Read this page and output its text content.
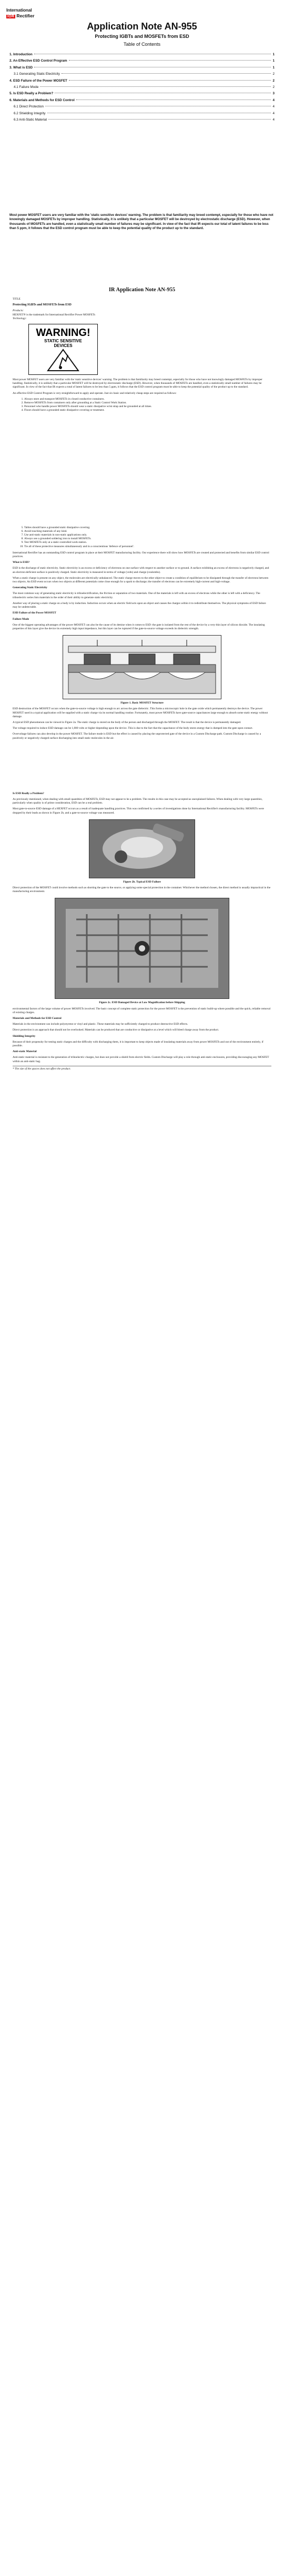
International
IOR Rectifier
Application Note AN-955
Protecting IGBTs and MOSFETs from ESD
Table of Contents
1. Introduction	1
2. An Effective ESD Control Program	1
3. What is ESD	1
3.1 Generating Static Electricity	2
4. ESD Failure of the Power MOSFET	2
4.1 Failure Mode	2
5. Is ESD Really a Problem?	3
6. Materials and Methods for ESD Control	4
6.1 Direct Protection	4
6.2 Shielding Integrity	4
6.3 Anti-Static Material	4
Most power MOSFET users are very familiar with the 'static sensitive devices' warning. The problem is that familiarity may breed contempt, especially for those who have not knowingly damaged MOSFETs by improper handling. Statistically, it is unlikely that a particular MOSFET will be destroyed by electrostatic discharge (ESD). However, when thousands of MOSFETs are handled, even a statistically small number of failures may be significant. In view of the fact that IR expects our total of latent failures to be less than 5 ppm, it follows that the ESD control program must be able to keep the potential quality of the product up to the standard.
IR Application Note AN-955

TITLE

Protecting IGBTs and MOSFETs from ESD

Products:
HEXFET® is the trademark for International Rectifier Power MOSFETs
Technology:

WARNING!
STATIC SENSITIVE
DEVICES

Most power MOSFET users are very familiar with the 'static sensitive devices' warning. The problem is that familiarity may breed contempt, especially for those who have not knowingly damaged MOSFETs by improper handling. Statistically, it is unlikely that a particular MOSFET will be destroyed by electrostatic discharge (ESD). However, when thousands of MOSFETs are handled, even a statistically small number of failures may be significant. In view of the fact that IR expects a total of latent failures to be less than 5 ppm, it follows that the ESD control program must be able to keep the potential quality of the product up to the standard.

An effective ESD Control Program is very straightforward to apply and operate. Just six basic and relatively cheap steps are required as follows:

1. Always store and transport MOSFETs in closed conductive containers.
2. Remove MOSFETs from containers only after grounding at a Static Control Work Station.
3. Personnel who handle power MOSFETs should wear a static dissipative wrist strap and be grounded at all times.
4. Floors should have a grounded static dissipative covering or treatment.
5. Tables should have a grounded static dissipative covering.
6. Avoid touching materials of any kind.
7. Use anti-static materials in non-static applications only.
8. Always use a grounded soldering iron to install MOSFETs.
9. Test MOSFETs only at a static-controlled work station.
10. Tie all of these protective measures simultaneously and in a conscientious 'defence of personnel'.

International Rectifier has an outstanding ESD control program in place at their MOSFET manufacturing facility. Our experience there will show how MOSFETs are created and protected and benefits from similar ESD control practices.

What is ESD?

ESD is the discharge of static electricity. Static electricity is an excess or deficiency of electrons on one surface with respect to another surface or to ground. A surface exhibiting an excess of electrons is negatively charged, and an electron-deficient surface is positively charged. Static electricity is measured in terms of voltage (volts) and charge (coulombs).

When a static charge is present on any object, the molecules are electrically unbalanced. The static charge moves to the other object to create a condition of equilibrium to be dissipated through the transfer of electrons between two objects. An ESD event occurs when two objects at different potentials come close enough for a spark to discharge; the transfer of electrons can be extremely high-current and high-voltage.

Generating Static Electricity

The most common way of generating static electricity is triboelectrification, the friction or separation of two materials. One of the materials is left with an excess of electrons while the other is left with a deficiency. The triboelectric series lists materials in the order of their ability to generate static electricity.

Another way of placing a static charge on a body is by induction. Induction occurs when an electric field acts upon an object and causes the charges within it to redistribute themselves. The physical symptoms of ESD failure may be undetectable.

ESD Failure of the Power MOSFET

Failure Mode

One of the biggest operating advantages of the power MOSFET can also be the cause of its demise when it comes to ESD: the gate is isolated from the rest of the device by a very thin layer of silicon dioxide. The insulating properties of this layer give the device its extremely high input impedance, but this layer can be ruptured if the gate-to-source voltage exceeds its dielectric strength.

Figure 1. Basic MOSFET Structure

ESD destruction of the MOSFET occurs when the gate-to-source voltage is high enough to arc across the gate dielectric. This forms a microscopic hole in the gate oxide which permanently destroys the device. The power MOSFET used in a typical application will be supplied with a static charge via its normal handling routine. Fortunately, most power MOSFETs have gate-source capacitances large enough to absorb some static energy without damage.

A typical ESD phenomenon can be viewed in Figure 2a. The static charge is stored on the body of the person and discharged through the MOSFET. The result is that the device is permanently damaged.

The voltage required to induce ESD damage can be 1,000 volts or higher depending upon the device. This is due to the fact that the capacitance of the body stores energy that is dumped into the gate upon contact.

Overvoltage failures can also develop in the power MOSFET. The failure mode is ESD but the effect is caused by placing the unprotected gate of the device in a Custom Discharge path. Custom Discharge is caused by a positively or negatively charged surface discharging into small static molecules in the air.

Is ESD Really a Problem?

As previously mentioned, when dealing with small quantities of MOSFETs, ESD may not appear to be a problem. The results in this case may be accepted as unexplained failures. When dealing with very large quantities, particularly when quality is of prime consideration, ESD can be a real problem.

Most gate-to-source ESD damage of a HEXFET occurs as a result of inadequate handling practices. This was confirmed by a series of investigations done by International Rectifier's manufacturing facility. MOSFETs were dropped by their leads as shown in Figure 2b, and a gate-to-source voltage was measured.

Figure 2b. Typical ESD Failure

Direct protection of the MOSFET could involve methods such as shorting the gate to the source, or applying some special protection in the container. Whichever the method chosen, the direct method is usually impractical in the manufacturing environment.

Figure 2c. ESD Damaged Device at Low Magnification before Shipping

environmental factors of the large volume of power MOSFETs involved. The basic concept of complete static protection for the power MOSFET is the prevention of static build-up where possible and the quick, reliable removal of existing charges.

Materials and Methods for ESD Control

Materials in the environment can include polystyrene or vinyl and plastic. These materials may be sufficiently charged to produce destructive ESD effects.

Direct protection is an approach that should not be overlooked. Materials can be produced that are conductive or dissipative at a level which will bleed charge away from the product.

Shielding Integrity

Because of their propensity for testing static charges and the difficulty with discharging them, it is important to keep objects made of insulating materials away from power MOSFETs and out of the environment entirely, if possible.

Anti-static Material

Anti-static material is resistant to the generation of triboelectric charges, but does not provide a shield from electric fields. Custom Discharge will play a role through anti-static enclosures, providing discouraging any MOSFET within an anti-static bag.

* The size of the spaces does not affect the product.
